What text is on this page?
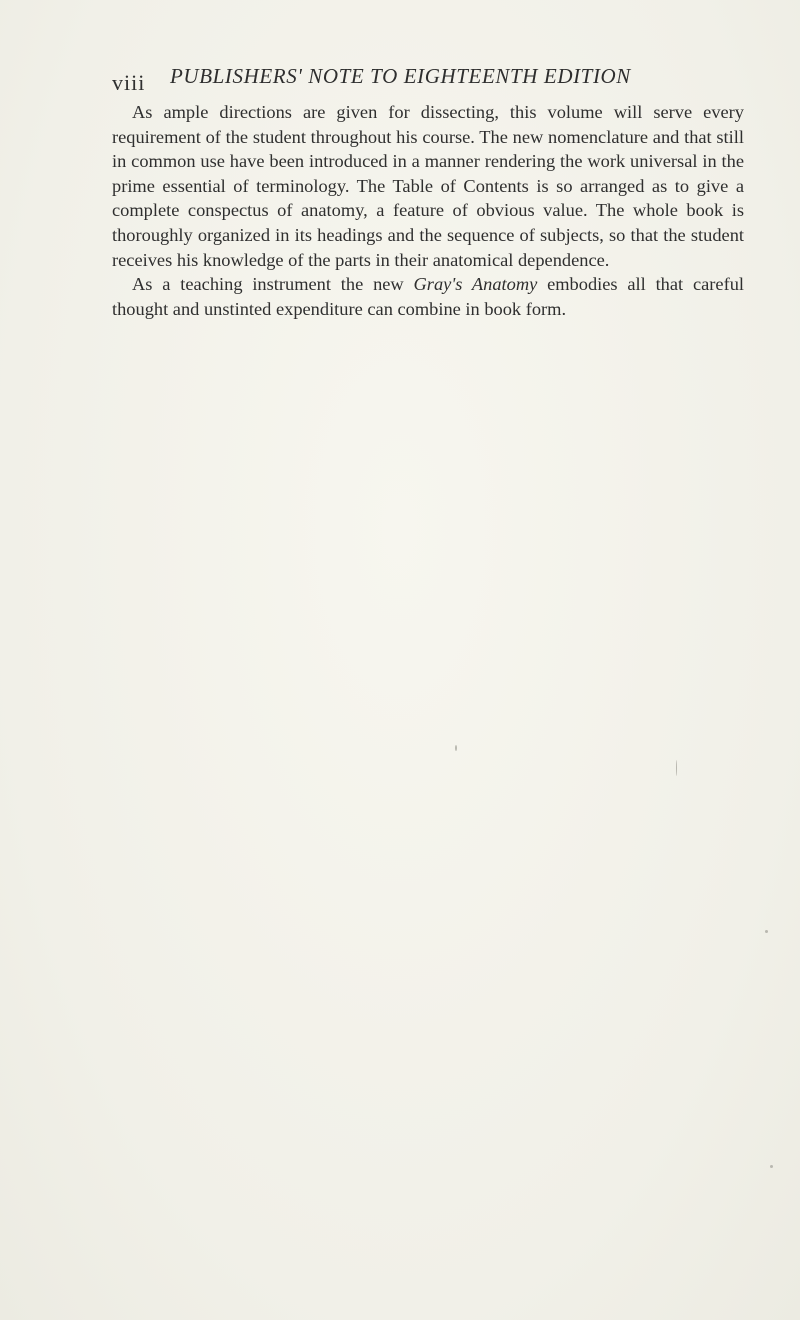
viii PUBLISHERS' NOTE TO EIGHTEENTH EDITION

As ample directions are given for dissecting, this volume will serve every requirement of the student throughout his course. The new nomenclature and that still in common use have been introduced in a manner rendering the work universal in the prime essential of terminology. The Table of Contents is so arranged as to give a complete conspectus of anatomy, a feature of obvious value. The whole book is thoroughly organized in its headings and the sequence of subjects, so that the student receives his knowledge of the parts in their anatomical dependence.

As a teaching instrument the new Gray's Anatomy embodies all that careful thought and unstinted expenditure can combine in book form.
